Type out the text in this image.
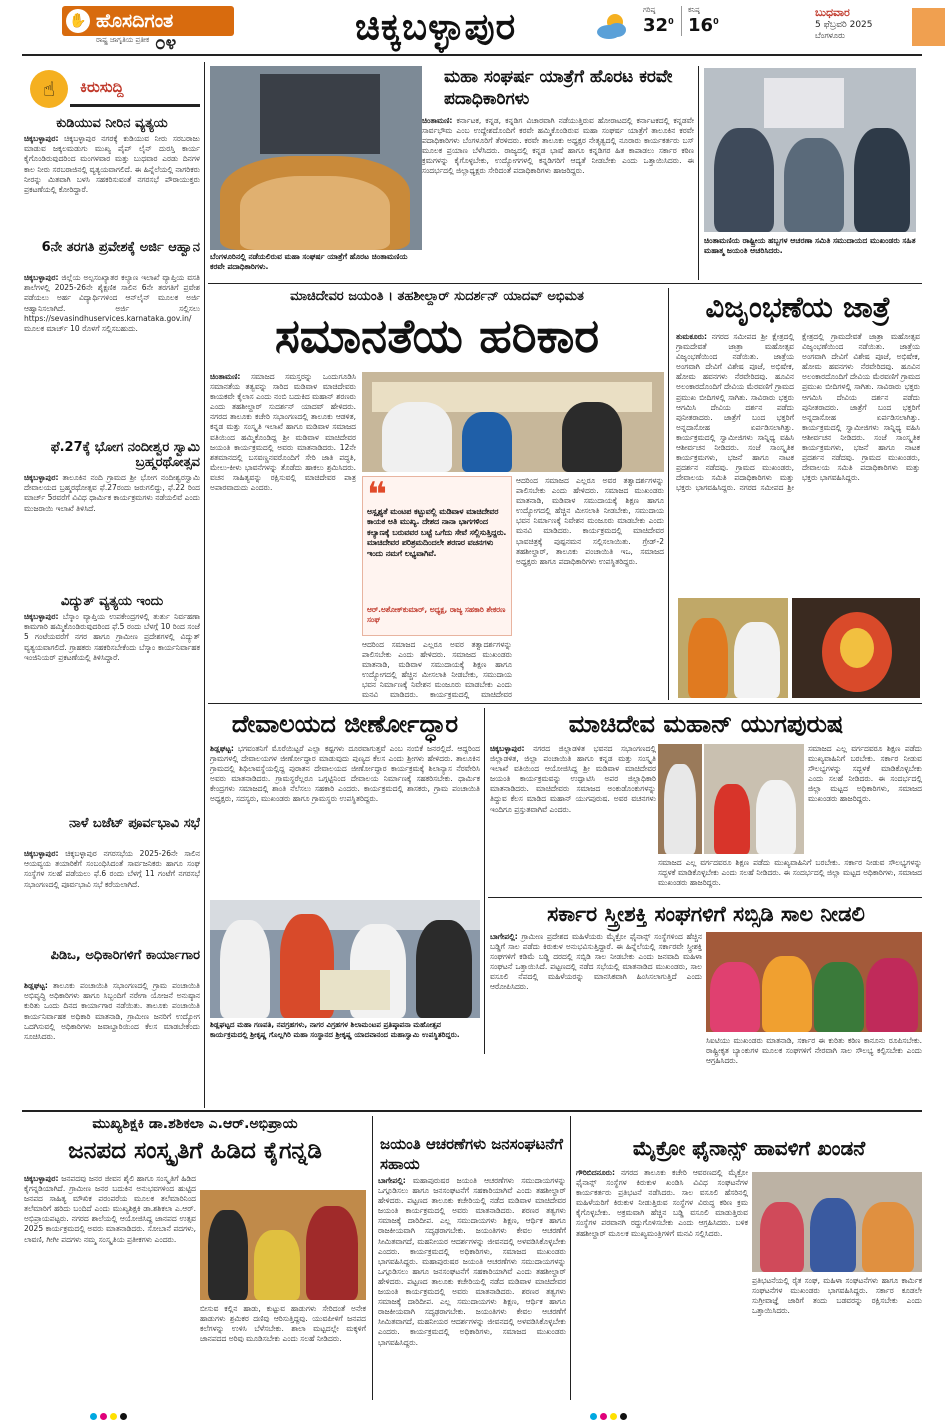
ಹೊಸದಿಗಂತ
✋
ರಾಷ್ಟ್ರ ಜಾಗೃತಿಯ ಪ್ರತೀಕ ೦೪	ಚಿಕ್ಕಬಳ್ಳಾಪುರ	ಗರಿಷ್ಠ
$32^0$
ಕನಿಷ್ಠ
$16^0$
ಬುಧವಾರ
5 ಫೆಬ್ರವರಿ 2025
ಬೆಂಗಳೂರು
☝	ಕಿರುಸುದ್ದಿ
ಕುಡಿಯುವ ನೀರಿನ ವ್ಯತ್ಯಯ
ಚಿಕ್ಕಬಳ್ಳಾಪುರ: ಚಿಕ್ಕಬಳ್ಳಾಪುರ ನಗರಕ್ಕೆ ಕುಡಿಯುವ ನೀರು ಸರಬರಾಜು ಮಾಡುವ ಜಕ್ಕಲಮಡುಗು ಮುಖ್ಯ ಪೈಪ್ ಲೈನ್ ದುರಸ್ತಿ ಕಾರ್ಯ ಕೈಗೊಂಡಿರುವುದರಿಂದ ಮಂಗಳವಾರ ಮತ್ತು ಬುಧವಾರ ಎರಡು ದಿನಗಳ ಕಾಲ ನೀರು ಸರಬರಾಜಿನಲ್ಲಿ ವ್ಯತ್ಯಯವಾಗಲಿದೆ. ಈ ಹಿನ್ನೆಲೆಯಲ್ಲಿ ನಾಗರಿಕರು ನೀರನ್ನು ಮಿತವಾಗಿ ಬಳಸಿ ಸಹಕರಿಸುವಂತೆ ನಗರಸಭೆ ಪೌರಾಯುಕ್ತರು ಪ್ರಕಟಣೆಯಲ್ಲಿ ಕೋರಿದ್ದಾರೆ.
6ನೇ ತರಗತಿ ಪ್ರವೇಶಕ್ಕೆ ಅರ್ಜಿ ಆಹ್ವಾನ
ಚಿಕ್ಕಬಳ್ಳಾಪುರ: ಜಿಲ್ಲೆಯ ಅಲ್ಪಸಂಖ್ಯಾತರ ಕಲ್ಯಾಣ ಇಲಾಖೆ ವ್ಯಾಪ್ತಿಯ ವಸತಿ ಶಾಲೆಗಳಲ್ಲಿ 2025-26ನೇ ಶೈಕ್ಷಣಿಕ ಸಾಲಿನ 6ನೇ ತರಗತಿಗೆ ಪ್ರವೇಶ ಪಡೆಯಲು ಅರ್ಹ ವಿದ್ಯಾರ್ಥಿಗಳಿಂದ ಆನ್‌ಲೈನ್ ಮೂಲಕ ಅರ್ಜಿ ಆಹ್ವಾನಿಸಲಾಗಿದೆ. ಅರ್ಜಿ ಸಲ್ಲಿಸಲು https://sevasindhuservices.karnataka.gov.in/ ಮೂಲಕ ಮಾರ್ಚ್ 10 ರೊಳಗೆ ಸಲ್ಲಿಸಬಹುದು.
ಫೆ.27ಕ್ಕೆ ಭೋಗ ನಂದೀಶ್ವರ ಸ್ವಾಮಿ ಬ್ರಹ್ಮರಥೋತ್ಸವ
ಚಿಕ್ಕಬಳ್ಳಾಪುರ: ತಾಲೂಕಿನ ನಂದಿ ಗ್ರಾಮದ ಶ್ರೀ ಭೋಗ ನಂದೀಶ್ವರಸ್ವಾಮಿ ದೇವಾಲಯದ ಬ್ರಹ್ಮರಥೋತ್ಸವ ಫೆ.27ರಂದು ಜರುಗಲಿದ್ದು, ಫೆ.22 ರಿಂದ ಮಾರ್ಚ್ 5ರವರೆಗೆ ವಿವಿಧ ಧಾರ್ಮಿಕ ಕಾರ್ಯಕ್ರಮಗಳು ನಡೆಯಲಿವೆ ಎಂದು ಮುಜರಾಯಿ ಇಲಾಖೆ ತಿಳಿಸಿದೆ.
ವಿದ್ಯುತ್ ವ್ಯತ್ಯಯ ಇಂದು
ಚಿಕ್ಕಬಳ್ಳಾಪುರ: ಬೆಸ್ಕಾಂ ವ್ಯಾಪ್ತಿಯ ಉಪಕೇಂದ್ರಗಳಲ್ಲಿ ತುರ್ತು ನಿರ್ವಹಣಾ ಕಾಮಗಾರಿ ಹಮ್ಮಿಕೊಂಡಿರುವುದರಿಂದ ಫೆ.5 ರಂದು ಬೆಳಗ್ಗೆ 10 ರಿಂದ ಸಂಜೆ 5 ಗಂಟೆಯವರೆಗೆ ನಗರ ಹಾಗೂ ಗ್ರಾಮೀಣ ಪ್ರದೇಶಗಳಲ್ಲಿ ವಿದ್ಯುತ್ ವ್ಯತ್ಯಯವಾಗಲಿದೆ. ಗ್ರಾಹಕರು ಸಹಕರಿಸಬೇಕೆಂದು ಬೆಸ್ಕಾಂ ಕಾರ್ಯನಿರ್ವಾಹಕ ಇಂಜಿನಿಯರ್ ಪ್ರಕಟಣೆಯಲ್ಲಿ ತಿಳಿಸಿದ್ದಾರೆ.
ನಾಳೆ ಬಜೆಟ್ ಪೂರ್ವಭಾವಿ ಸಭೆ
ಚಿಕ್ಕಬಳ್ಳಾಪುರ: ಚಿಕ್ಕಬಳ್ಳಾಪುರ ನಗರಸಭೆಯ 2025-26ನೇ ಸಾಲಿನ ಆಯವ್ಯಯ ತಯಾರಿಕೆಗೆ ಸಂಬಂಧಿಸಿದಂತೆ ಸಾರ್ವಜನಿಕರು ಹಾಗೂ ಸಂಘ ಸಂಸ್ಥೆಗಳ ಸಲಹೆ ಪಡೆಯಲು ಫೆ.6 ರಂದು ಬೆಳಗ್ಗೆ 11 ಗಂಟೆಗೆ ನಗರಸಭೆ ಸಭಾಂಗಣದಲ್ಲಿ ಪೂರ್ವಭಾವಿ ಸಭೆ ಕರೆಯಲಾಗಿದೆ.
ಪಿಡಿಒ, ಅಧಿಕಾರಿಗಳಿಗೆ ಕಾರ್ಯಾಗಾರ
ಶಿಡ್ಲಘಟ್ಟ: ತಾಲೂಕು ಪಂಚಾಯಿತಿ ಸಭಾಂಗಣದಲ್ಲಿ ಗ್ರಾಮ ಪಂಚಾಯಿತಿ ಅಭಿವೃದ್ಧಿ ಅಧಿಕಾರಿಗಳು ಹಾಗೂ ಸಿಬ್ಬಂದಿಗೆ ನರೇಗಾ ಯೋಜನೆ ಅನುಷ್ಠಾನ ಕುರಿತು ಒಂದು ದಿನದ ಕಾರ್ಯಾಗಾರ ನಡೆಯಿತು. ತಾಲೂಕು ಪಂಚಾಯಿತಿ ಕಾರ್ಯನಿರ್ವಾಹಕ ಅಧಿಕಾರಿ ಮಾತನಾಡಿ, ಗ್ರಾಮೀಣ ಜನರಿಗೆ ಉದ್ಯೋಗ ಒದಗಿಸುವಲ್ಲಿ ಅಧಿಕಾರಿಗಳು ಜವಾಬ್ದಾರಿಯಿಂದ ಕೆಲಸ ಮಾಡಬೇಕೆಂದು ಸೂಚಿಸಿದರು.
ಬೆಂಗಳೂರಿನಲ್ಲಿ ನಡೆಯಲಿರುವ ಮಹಾ ಸಂಘರ್ಷ ಯಾತ್ರೆಗೆ ಹೊರಟ ಚಿಂತಾಮಣಿಯ ಕರವೇ ಪದಾಧಿಕಾರಿಗಳು.
ಮಹಾ ಸಂಘರ್ಷ ಯಾತ್ರೆಗೆ ಹೊರಟ ಕರವೇ ಪದಾಧಿಕಾರಿಗಳು
ಚಿಂತಾಮಣಿ: ಕರ್ನಾಟಕ, ಕನ್ನಡ, ಕನ್ನಡಿಗ ವಿಚಾರವಾಗಿ ನಡೆಯುತ್ತಿರುವ ಹೋರಾಟದಲ್ಲಿ ಕರ್ನಾಟಕದಲ್ಲಿ ಕನ್ನಡವೇ ಸಾರ್ವಭೌಮ ಎಂಬ ಉದ್ದೇಶದೊಂದಿಗೆ ಕರವೇ ಹಮ್ಮಿಕೊಂಡಿರುವ ಮಹಾ ಸಂಘರ್ಷ ಯಾತ್ರೆಗೆ ತಾಲೂಕಿನ ಕರವೇ ಪದಾಧಿಕಾರಿಗಳು ಬೆಂಗಳೂರಿಗೆ ತೆರಳಿದರು. ಕರವೇ ತಾಲೂಕು ಅಧ್ಯಕ್ಷರ ನೇತೃತ್ವದಲ್ಲಿ ನೂರಾರು ಕಾರ್ಯಕರ್ತರು ಬಸ್ ಮೂಲಕ ಪ್ರಯಾಣ ಬೆಳೆಸಿದರು. ರಾಜ್ಯದಲ್ಲಿ ಕನ್ನಡ ಭಾಷೆ ಹಾಗೂ ಕನ್ನಡಿಗರ ಹಿತ ಕಾಪಾಡಲು ಸರ್ಕಾರ ಕಠಿಣ ಕ್ರಮಗಳನ್ನು ಕೈಗೊಳ್ಳಬೇಕು, ಉದ್ಯೋಗಗಳಲ್ಲಿ ಕನ್ನಡಿಗರಿಗೆ ಆದ್ಯತೆ ನೀಡಬೇಕು ಎಂದು ಒತ್ತಾಯಿಸಿದರು. ಈ ಸಂದರ್ಭದಲ್ಲಿ ಜಿಲ್ಲಾಧ್ಯಕ್ಷರು ಸೇರಿದಂತೆ ಪದಾಧಿಕಾರಿಗಳು ಹಾಜರಿದ್ದರು.
ಚಿಂತಾಮಣಿಯ ರಾಷ್ಟ್ರೀಯ ಹಬ್ಬಗಳ ಆಚರಣಾ ಸಮಿತಿ ಸಮುದಾಯದ ಮುಖಂಡರು ಸಹಿತ ಮಹಾತ್ಮ ಜಯಂತಿ ಆಚರಿಸಿದರು.
ಮಾಚಿದೇವರ ಜಯಂತಿ । ತಹಶೀಲ್ದಾರ್ ಸುದರ್ಶನ್ ಯಾದವ್ ಅಭಿಮತ
ಸಮಾನತೆಯ ಹರಿಕಾರ
ಚಿಂತಾಮಣಿ: ಸಮಾಜದ ಸಮಸ್ತರನ್ನು ಒಂದುಗೂಡಿಸಿ ಸಮಾನತೆಯ ತತ್ವವನ್ನು ಸಾರಿದ ಮಡಿವಾಳ ಮಾಚಿದೇವರು ಕಾಯಕವೇ ಕೈಲಾಸ ಎಂದು ನಂಬಿ ಬದುಕಿದ ಮಹಾನ್ ಶರಣರು ಎಂದು ತಹಶೀಲ್ದಾರ್ ಸುದರ್ಶನ್ ಯಾದವ್ ಹೇಳಿದರು. ನಗರದ ತಾಲೂಕು ಕಚೇರಿ ಸಭಾಂಗಣದಲ್ಲಿ ತಾಲೂಕು ಆಡಳಿತ, ಕನ್ನಡ ಮತ್ತು ಸಂಸ್ಕೃತಿ ಇಲಾಖೆ ಹಾಗೂ ಮಡಿವಾಳ ಸಮಾಜದ ವತಿಯಿಂದ ಹಮ್ಮಿಕೊಂಡಿದ್ದ ಶ್ರೀ ಮಡಿವಾಳ ಮಾಚಿದೇವರ ಜಯಂತಿ ಕಾರ್ಯಕ್ರಮದಲ್ಲಿ ಅವರು ಮಾತನಾಡಿದರು. 12ನೇ ಶತಮಾನದಲ್ಲಿ ಬಸವಣ್ಣನವರೊಂದಿಗೆ ಸೇರಿ ಜಾತಿ ಪದ್ಧತಿ, ಮೇಲು-ಕೀಳು ಭಾವನೆಗಳನ್ನು ತೊಡೆದು ಹಾಕಲು ಶ್ರಮಿಸಿದರು. ವಚನ ಸಾಹಿತ್ಯವನ್ನು ರಕ್ಷಿಸುವಲ್ಲಿ ಮಾಚಿದೇವರ ಪಾತ್ರ ಅಪಾರವಾದುದು ಎಂದರು.	❝
ಅಸ್ಪೃಶ್ಯತೆ ಮಂಟಪ ಕಟ್ಟುವಲ್ಲಿ ಮಡಿವಾಳ ಮಾಚಿದೇವರ ಕಾಯಕ ಅತಿ ಮುಖ್ಯ. ದೇಶದ ನಾನಾ ಭಾಗಗಳಿಂದ ಕಲ್ಯಾಣಕ್ಕೆ ಬರುವವರ ಬಟ್ಟೆ ಒಗೆದು ಸೇವೆ ಸಲ್ಲಿಸುತ್ತಿದ್ದರು. ಮಾಚಿದೇವರ ಪರಿಶ್ರಮದಿಂದಲೇ ಶರಣರ ವಚನಗಳು ಇಂದು ನಮಗೆ ಲಭ್ಯವಾಗಿವೆ.
ಆರ್.ಅಶೋಕ್‌ಕುಮಾರ್, ಅಧ್ಯಕ್ಷ, ರಾಜ್ಯ ಸಹಕಾರಿ ಶೇಕರಣ ಸಂಘ
ಆದರಿಂದ ಸಮಾಜದ ಎಲ್ಲರೂ ಅವರ ತತ್ವಾದರ್ಶಗಳನ್ನು ಪಾಲಿಸಬೇಕು ಎಂದು ಹೇಳಿದರು. ಸಮಾಜದ ಮುಖಂಡರು ಮಾತನಾಡಿ, ಮಡಿವಾಳ ಸಮುದಾಯಕ್ಕೆ ಶಿಕ್ಷಣ ಹಾಗೂ ಉದ್ಯೋಗದಲ್ಲಿ ಹೆಚ್ಚಿನ ಮೀಸಲಾತಿ ನೀಡಬೇಕು, ಸಮುದಾಯ ಭವನ ನಿರ್ಮಾಣಕ್ಕೆ ನಿವೇಶನ ಮಂಜೂರು ಮಾಡಬೇಕು ಎಂದು ಮನವಿ ಮಾಡಿದರು. ಕಾರ್ಯಕ್ರಮದಲ್ಲಿ ಮಾಚಿದೇವರ ಭಾವಚಿತ್ರಕ್ಕೆ ಪುಷ್ಪನಮನ ಸಲ್ಲಿಸಲಾಯಿತು. ಗ್ರೇಡ್-2 ತಹಶೀಲ್ದಾರ್, ತಾಲೂಕು ಪಂಚಾಯಿತಿ ಇಒ, ಸಮಾಜದ ಅಧ್ಯಕ್ಷರು ಹಾಗೂ ಪದಾಧಿಕಾರಿಗಳು ಉಪಸ್ಥಿತರಿದ್ದರು.
ಆದರಿಂದ ಸಮಾಜದ ಎಲ್ಲರೂ ಅವರ ತತ್ವಾದರ್ಶಗಳನ್ನು ಪಾಲಿಸಬೇಕು ಎಂದು ಹೇಳಿದರು. ಸಮಾಜದ ಮುಖಂಡರು ಮಾತನಾಡಿ, ಮಡಿವಾಳ ಸಮುದಾಯಕ್ಕೆ ಶಿಕ್ಷಣ ಹಾಗೂ ಉದ್ಯೋಗದಲ್ಲಿ ಹೆಚ್ಚಿನ ಮೀಸಲಾತಿ ನೀಡಬೇಕು, ಸಮುದಾಯ ಭವನ ನಿರ್ಮಾಣಕ್ಕೆ ನಿವೇಶನ ಮಂಜೂರು ಮಾಡಬೇಕು ಎಂದು ಮನವಿ ಮಾಡಿದರು. ಕಾರ್ಯಕ್ರಮದಲ್ಲಿ ಮಾಚಿದೇವರ
ವಿಜೃಂಭಣೆಯ ಜಾತ್ರೆ
ತುಮಕೂರು: ನಗರದ ಸಮೀಪದ ಶ್ರೀ ಕ್ಷೇತ್ರದಲ್ಲಿ ಗ್ರಾಮದೇವತೆ ಜಾತ್ರಾ ಮಹೋತ್ಸವ ವಿಜೃಂಭಣೆಯಿಂದ ನಡೆಯಿತು. ಜಾತ್ರೆಯ ಅಂಗವಾಗಿ ದೇವಿಗೆ ವಿಶೇಷ ಪೂಜೆ, ಅಭಿಷೇಕ, ಹೋಮ ಹವನಗಳು ನೆರವೇರಿದವು. ಹೂವಿನ ಅಲಂಕಾರದೊಂದಿಗೆ ದೇವಿಯ ಮೆರವಣಿಗೆ ಗ್ರಾಮದ ಪ್ರಮುಖ ಬೀದಿಗಳಲ್ಲಿ ಸಾಗಿತು. ಸಾವಿರಾರು ಭಕ್ತರು ಆಗಮಿಸಿ ದೇವಿಯ ದರ್ಶನ ಪಡೆದು ಪುನೀತರಾದರು. ಜಾತ್ರೆಗೆ ಬಂದ ಭಕ್ತರಿಗೆ ಅನ್ನದಾಸೋಹ ಏರ್ಪಡಿಸಲಾಗಿತ್ತು. ಕಾರ್ಯಕ್ರಮದಲ್ಲಿ ಸ್ವಾಮೀಜಿಗಳು ಸಾನ್ನಿಧ್ಯ ವಹಿಸಿ ಆಶೀರ್ವಚನ ನೀಡಿದರು. ಸಂಜೆ ಸಾಂಸ್ಕೃತಿಕ ಕಾರ್ಯಕ್ರಮಗಳು, ಭಜನೆ ಹಾಗೂ ನಾಟಕ ಪ್ರದರ್ಶನ ನಡೆದವು. ಗ್ರಾಮದ ಮುಖಂಡರು, ದೇವಾಲಯ ಸಮಿತಿ ಪದಾಧಿಕಾರಿಗಳು ಮತ್ತು ಭಕ್ತರು ಭಾಗವಹಿಸಿದ್ದರು. ನಗರದ ಸಮೀಪದ ಶ್ರೀ ಕ್ಷೇತ್ರದಲ್ಲಿ ಗ್ರಾಮದೇವತೆ ಜಾತ್ರಾ ಮಹೋತ್ಸವ ವಿಜೃಂಭಣೆಯಿಂದ ನಡೆಯಿತು. ಜಾತ್ರೆಯ ಅಂಗವಾಗಿ ದೇವಿಗೆ ವಿಶೇಷ ಪೂಜೆ, ಅಭಿಷೇಕ, ಹೋಮ ಹವನಗಳು ನೆರವೇರಿದವು. ಹೂವಿನ ಅಲಂಕಾರದೊಂದಿಗೆ ದೇವಿಯ ಮೆರವಣಿಗೆ ಗ್ರಾಮದ ಪ್ರಮುಖ ಬೀದಿಗಳಲ್ಲಿ ಸಾಗಿತು. ಸಾವಿರಾರು ಭಕ್ತರು ಆಗಮಿಸಿ ದೇವಿಯ ದರ್ಶನ ಪಡೆದು ಪುನೀತರಾದರು. ಜಾತ್ರೆಗೆ ಬಂದ ಭಕ್ತರಿಗೆ ಅನ್ನದಾಸೋಹ ಏರ್ಪಡಿಸಲಾಗಿತ್ತು. ಕಾರ್ಯಕ್ರಮದಲ್ಲಿ ಸ್ವಾಮೀಜಿಗಳು ಸಾನ್ನಿಧ್ಯ ವಹಿಸಿ ಆಶೀರ್ವಚನ ನೀಡಿದರು. ಸಂಜೆ ಸಾಂಸ್ಕೃತಿಕ ಕಾರ್ಯಕ್ರಮಗಳು, ಭಜನೆ ಹಾಗೂ ನಾಟಕ ಪ್ರದರ್ಶನ ನಡೆದವು. ಗ್ರಾಮದ ಮುಖಂಡರು, ದೇವಾಲಯ ಸಮಿತಿ ಪದಾಧಿಕಾರಿಗಳು ಮತ್ತು ಭಕ್ತರು ಭಾಗವಹಿಸಿದ್ದರು.
ದೇವಾಲಯದ ಜೀರ್ಣೋದ್ಧಾರ
ಶಿಡ್ಲಘಟ್ಟ: ಭಗವಂತನಿಗೆ ಮೊರೆಯಿಟ್ಟರೆ ಎಲ್ಲಾ ಕಷ್ಟಗಳು ದೂರವಾಗುತ್ತವೆ ಎಂಬ ನಂಬಿಕೆ ಜನರಲ್ಲಿದೆ. ಆದ್ದರಿಂದ ಗ್ರಾಮಗಳಲ್ಲಿ ದೇವಾಲಯಗಳ ಜೀರ್ಣೋದ್ಧಾರ ಮಾಡುವುದು ಪುಣ್ಯದ ಕೆಲಸ ಎಂದು ಶ್ರೀಗಳು ಹೇಳಿದರು. ತಾಲೂಕಿನ ಗ್ರಾಮದಲ್ಲಿ ಶಿಥಿಲಾವಸ್ಥೆಯಲ್ಲಿದ್ದ ಪುರಾತನ ದೇವಾಲಯದ ಜೀರ್ಣೋದ್ಧಾರ ಕಾರ್ಯಕ್ರಮಕ್ಕೆ ಶಿಲಾನ್ಯಾಸ ನೆರವೇರಿಸಿ ಅವರು ಮಾತನಾಡಿದರು. ಗ್ರಾಮಸ್ಥರೆಲ್ಲರೂ ಒಗ್ಗಟ್ಟಿನಿಂದ ದೇವಾಲಯ ನಿರ್ಮಾಣಕ್ಕೆ ಸಹಕರಿಸಬೇಕು. ಧಾರ್ಮಿಕ ಕೇಂದ್ರಗಳು ಸಮಾಜದಲ್ಲಿ ಶಾಂತಿ ನೆಲೆಸಲು ಸಹಕಾರಿ ಎಂದರು. ಕಾರ್ಯಕ್ರಮದಲ್ಲಿ ಶಾಸಕರು, ಗ್ರಾಮ ಪಂಚಾಯಿತಿ ಅಧ್ಯಕ್ಷರು, ಸದಸ್ಯರು, ಮುಖಂಡರು ಹಾಗೂ ಗ್ರಾಮಸ್ಥರು ಉಪಸ್ಥಿತರಿದ್ದರು.
ಶಿಡ್ಲಘಟ್ಟದ ಮಹಾ ಗಣಪತಿ, ನವಗ್ರಹಗಳು, ನಾಗರ ವಿಗ್ರಹಗಳ ಶಿಲಾಮಂಟಪ ಪ್ರತಿಷ್ಠಾಪನಾ ಮಹೋತ್ಸವ ಕಾರ್ಯಕ್ರಮದಲ್ಲಿ ಶ್ರೀಕೃಷ್ಣ ಗೊಲ್ಲಗಿರಿ ಮಹಾ ಸಂಸ್ಥಾನದ ಶ್ರೀಕೃಷ್ಣ ಯಾದವಾನಂದ ಮಹಾಸ್ವಾಮಿ ಉಪಸ್ಥಿತರಿದ್ದರು.
ಮಾಚಿದೇವ ಮಹಾನ್ ಯುಗಪುರುಷ
ಚಿಕ್ಕಬಳ್ಳಾಪುರ: ನಗರದ ಜಿಲ್ಲಾಡಳಿತ ಭವನದ ಸಭಾಂಗಣದಲ್ಲಿ ಜಿಲ್ಲಾಡಳಿತ, ಜಿಲ್ಲಾ ಪಂಚಾಯಿತಿ ಹಾಗೂ ಕನ್ನಡ ಮತ್ತು ಸಂಸ್ಕೃತಿ ಇಲಾಖೆ ವತಿಯಿಂದ ಆಯೋಜಿಸಿದ್ದ ಶ್ರೀ ಮಡಿವಾಳ ಮಾಚಿದೇವರ ಜಯಂತಿ ಕಾರ್ಯಕ್ರಮವನ್ನು ಉದ್ಘಾಟಿಸಿ ಅಪರ ಜಿಲ್ಲಾಧಿಕಾರಿ ಮಾತನಾಡಿದರು. ಮಾಚಿದೇವರು ಸಮಾಜದ ಅಂಕುಡೊಂಕುಗಳನ್ನು ತಿದ್ದುವ ಕೆಲಸ ಮಾಡಿದ ಮಹಾನ್ ಯುಗಪುರುಷ. ಅವರ ವಚನಗಳು ಇಂದಿಗೂ ಪ್ರಸ್ತುತವಾಗಿವೆ ಎಂದರು.
ಸಮಾಜದ ಎಲ್ಲ ವರ್ಗದವರೂ ಶಿಕ್ಷಣ ಪಡೆದು ಮುಖ್ಯವಾಹಿನಿಗೆ ಬರಬೇಕು. ಸರ್ಕಾರ ನೀಡುವ ಸೌಲಭ್ಯಗಳನ್ನು ಸದ್ಬಳಕೆ ಮಾಡಿಕೊಳ್ಳಬೇಕು ಎಂದು ಸಲಹೆ ನೀಡಿದರು. ಈ ಸಂದರ್ಭದಲ್ಲಿ ಜಿಲ್ಲಾ ಮಟ್ಟದ ಅಧಿಕಾರಿಗಳು, ಸಮಾಜದ ಮುಖಂಡರು ಹಾಜರಿದ್ದರು.
ಸಮಾಜದ ಎಲ್ಲ ವರ್ಗದವರೂ ಶಿಕ್ಷಣ ಪಡೆದು ಮುಖ್ಯವಾಹಿನಿಗೆ ಬರಬೇಕು. ಸರ್ಕಾರ ನೀಡುವ ಸೌಲಭ್ಯಗಳನ್ನು ಸದ್ಬಳಕೆ ಮಾಡಿಕೊಳ್ಳಬೇಕು ಎಂದು ಸಲಹೆ ನೀಡಿದರು. ಈ ಸಂದರ್ಭದಲ್ಲಿ ಜಿಲ್ಲಾ ಮಟ್ಟದ ಅಧಿಕಾರಿಗಳು, ಸಮಾಜದ ಮುಖಂಡರು ಹಾಜರಿದ್ದರು.
ಸರ್ಕಾರ ಸ್ತ್ರೀಶಕ್ತಿ ಸಂಘಗಳಿಗೆ ಸಬ್ಸಿಡಿ ಸಾಲ ನೀಡಲಿ
ಬಾಗೇಪಲ್ಲಿ: ಗ್ರಾಮೀಣ ಪ್ರದೇಶದ ಮಹಿಳೆಯರು ಮೈಕ್ರೋ ಫೈನಾನ್ಸ್ ಸಂಸ್ಥೆಗಳಿಂದ ಹೆಚ್ಚಿನ ಬಡ್ಡಿಗೆ ಸಾಲ ಪಡೆದು ಕಿರುಕುಳ ಅನುಭವಿಸುತ್ತಿದ್ದಾರೆ. ಈ ಹಿನ್ನೆಲೆಯಲ್ಲಿ ಸರ್ಕಾರವೇ ಸ್ತ್ರೀಶಕ್ತಿ ಸಂಘಗಳಿಗೆ ಕಡಿಮೆ ಬಡ್ಡಿ ದರದಲ್ಲಿ ಸಬ್ಸಿಡಿ ಸಾಲ ನೀಡಬೇಕು ಎಂದು ಜನವಾದಿ ಮಹಿಳಾ ಸಂಘಟನೆ ಒತ್ತಾಯಿಸಿದೆ. ಪಟ್ಟಣದಲ್ಲಿ ನಡೆದ ಸಭೆಯಲ್ಲಿ ಮಾತನಾಡಿದ ಮುಖಂಡರು, ಸಾಲ ವಸೂಲಿ ನೆಪದಲ್ಲಿ ಮಹಿಳೆಯರನ್ನು ಮಾನಸಿಕವಾಗಿ ಹಿಂಸಿಸಲಾಗುತ್ತಿದೆ ಎಂದು ಆರೋಪಿಸಿದರು.
ಸಿಐಟಿಯು ಮುಖಂಡರು ಮಾತನಾಡಿ, ಸರ್ಕಾರ ಈ ಕುರಿತು ಕಠಿಣ ಕಾನೂನು ರೂಪಿಸಬೇಕು. ರಾಷ್ಟ್ರೀಕೃತ ಬ್ಯಾಂಕುಗಳ ಮೂಲಕ ಸಂಘಗಳಿಗೆ ನೇರವಾಗಿ ಸಾಲ ಸೌಲಭ್ಯ ಕಲ್ಪಿಸಬೇಕು ಎಂದು ಆಗ್ರಹಿಸಿದರು.
ಮುಖ್ಯಶಿಕ್ಷಕಿ ಡಾ.ಶಶಿಕಲಾ ಎ.ಆರ್.ಅಭಿಪ್ರಾಯ
ಜನಪದ ಸಂಸ್ಕೃತಿಗೆ ಹಿಡಿದ ಕೈಗನ್ನಡಿ
ಚಿಕ್ಕಬಳ್ಳಾಪುರ: ಜನಪದವು ಜನರ ಜೀವನ ಶೈಲಿ ಹಾಗೂ ಸಂಸ್ಕೃತಿಗೆ ಹಿಡಿದ ಕೈಗನ್ನಡಿಯಾಗಿದೆ. ಗ್ರಾಮೀಣ ಜನರ ಬದುಕಿನ ಅನುಭವಗಳಿಂದ ಹುಟ್ಟಿದ ಜನಪದ ಸಾಹಿತ್ಯ ಮೌಖಿಕ ಪರಂಪರೆಯ ಮೂಲಕ ತಲೆಮಾರಿನಿಂದ ತಲೆಮಾರಿಗೆ ಹರಿದು ಬಂದಿದೆ ಎಂದು ಮುಖ್ಯಶಿಕ್ಷಕಿ ಡಾ.ಶಶಿಕಲಾ ಎ.ಆರ್. ಅಭಿಪ್ರಾಯಪಟ್ಟರು. ನಗರದ ಶಾಲೆಯಲ್ಲಿ ಆಯೋಜಿಸಿದ್ದ ಜಾನಪದ ಉತ್ಸವ 2025 ಕಾರ್ಯಕ್ರಮದಲ್ಲಿ ಅವರು ಮಾತನಾಡಿದರು. ಸೋಬಾನೆ ಪದಗಳು, ಲಾವಣಿ, ಗೀಗೀ ಪದಗಳು ನಮ್ಮ ಸಂಸ್ಕೃತಿಯ ಪ್ರತೀಕಗಳು ಎಂದರು.
ಬೀಸುವ ಕಲ್ಲಿನ ಹಾಡು, ಕುಟ್ಟುವ ಹಾಡುಗಳು ಸೇರಿದಂತೆ ಅನೇಕ ಹಾಡುಗಳು ಶ್ರಮಿಕರ ದಣಿವು ಆರಿಸುತ್ತಿದ್ದವು. ಯುವಪೀಳಿಗೆ ಜನಪದ ಕಲೆಗಳನ್ನು ಉಳಿಸಿ ಬೆಳೆಸಬೇಕು. ಶಾಲಾ ಮಟ್ಟದಲ್ಲೇ ಮಕ್ಕಳಿಗೆ ಜಾನಪದದ ಅರಿವು ಮೂಡಿಸಬೇಕು ಎಂದು ಸಲಹೆ ನೀಡಿದರು.
ಜಯಂತಿ ಆಚರಣೆಗಳು ಜನಸಂಘಟನೆಗೆ ಸಹಾಯ
ಬಾಗೇಪಲ್ಲಿ: ಮಹಾಪುರುಷರ ಜಯಂತಿ ಆಚರಣೆಗಳು ಸಮುದಾಯಗಳನ್ನು ಒಗ್ಗೂಡಿಸಲು ಹಾಗೂ ಜನಸಂಘಟನೆಗೆ ಸಹಕಾರಿಯಾಗಿವೆ ಎಂದು ತಹಶೀಲ್ದಾರ್ ಹೇಳಿದರು. ಪಟ್ಟಣದ ತಾಲೂಕು ಕಚೇರಿಯಲ್ಲಿ ನಡೆದ ಮಡಿವಾಳ ಮಾಚಿದೇವರ ಜಯಂತಿ ಕಾರ್ಯಕ್ರಮದಲ್ಲಿ ಅವರು ಮಾತನಾಡಿದರು. ಶರಣರ ತತ್ವಗಳು ಸಮಾಜಕ್ಕೆ ದಾರಿದೀಪ. ಎಲ್ಲ ಸಮುದಾಯಗಳು ಶಿಕ್ಷಣ, ಆರ್ಥಿಕ ಹಾಗೂ ರಾಜಕೀಯವಾಗಿ ಸದೃಢರಾಗಬೇಕು. ಜಯಂತಿಗಳು ಕೇವಲ ಆಚರಣೆಗೆ ಸೀಮಿತವಾಗದೆ, ಮಹನೀಯರ ಆದರ್ಶಗಳನ್ನು ಜೀವನದಲ್ಲಿ ಅಳವಡಿಸಿಕೊಳ್ಳಬೇಕು ಎಂದರು. ಕಾರ್ಯಕ್ರಮದಲ್ಲಿ ಅಧಿಕಾರಿಗಳು, ಸಮಾಜದ ಮುಖಂಡರು ಭಾಗವಹಿಸಿದ್ದರು. ಮಹಾಪುರುಷರ ಜಯಂತಿ ಆಚರಣೆಗಳು ಸಮುದಾಯಗಳನ್ನು ಒಗ್ಗೂಡಿಸಲು ಹಾಗೂ ಜನಸಂಘಟನೆಗೆ ಸಹಕಾರಿಯಾಗಿವೆ ಎಂದು ತಹಶೀಲ್ದಾರ್ ಹೇಳಿದರು. ಪಟ್ಟಣದ ತಾಲೂಕು ಕಚೇರಿಯಲ್ಲಿ ನಡೆದ ಮಡಿವಾಳ ಮಾಚಿದೇವರ ಜಯಂತಿ ಕಾರ್ಯಕ್ರಮದಲ್ಲಿ ಅವರು ಮಾತನಾಡಿದರು. ಶರಣರ ತತ್ವಗಳು ಸಮಾಜಕ್ಕೆ ದಾರಿದೀಪ. ಎಲ್ಲ ಸಮುದಾಯಗಳು ಶಿಕ್ಷಣ, ಆರ್ಥಿಕ ಹಾಗೂ ರಾಜಕೀಯವಾಗಿ ಸದೃಢರಾಗಬೇಕು. ಜಯಂತಿಗಳು ಕೇವಲ ಆಚರಣೆಗೆ ಸೀಮಿತವಾಗದೆ, ಮಹನೀಯರ ಆದರ್ಶಗಳನ್ನು ಜೀವನದಲ್ಲಿ ಅಳವಡಿಸಿಕೊಳ್ಳಬೇಕು ಎಂದರು. ಕಾರ್ಯಕ್ರಮದಲ್ಲಿ ಅಧಿಕಾರಿಗಳು, ಸಮಾಜದ ಮುಖಂಡರು ಭಾಗವಹಿಸಿದ್ದರು.
ಮೈಕ್ರೋ ಫೈನಾನ್ಸ್ ಹಾವಳಿಗೆ ಖಂಡನೆ
ಗೌರಿಬಿದನೂರು: ನಗರದ ತಾಲೂಕು ಕಚೇರಿ ಆವರಣದಲ್ಲಿ ಮೈಕ್ರೋ ಫೈನಾನ್ಸ್ ಸಂಸ್ಥೆಗಳ ಕಿರುಕುಳ ಖಂಡಿಸಿ ವಿವಿಧ ಸಂಘಟನೆಗಳ ಕಾರ್ಯಕರ್ತರು ಪ್ರತಿಭಟನೆ ನಡೆಸಿದರು. ಸಾಲ ವಸೂಲಿ ಹೆಸರಿನಲ್ಲಿ ಮಹಿಳೆಯರಿಗೆ ಕಿರುಕುಳ ನೀಡುತ್ತಿರುವ ಸಂಸ್ಥೆಗಳ ವಿರುದ್ಧ ಕಠಿಣ ಕ್ರಮ ಕೈಗೊಳ್ಳಬೇಕು. ಅಕ್ರಮವಾಗಿ ಹೆಚ್ಚಿನ ಬಡ್ಡಿ ವಸೂಲಿ ಮಾಡುತ್ತಿರುವ ಸಂಸ್ಥೆಗಳ ಪರವಾನಗಿ ರದ್ದುಗೊಳಿಸಬೇಕು ಎಂದು ಆಗ್ರಹಿಸಿದರು. ಬಳಿಕ ತಹಶೀಲ್ದಾರ್ ಮೂಲಕ ಮುಖ್ಯಮಂತ್ರಿಗಳಿಗೆ ಮನವಿ ಸಲ್ಲಿಸಿದರು.
ಪ್ರತಿಭಟನೆಯಲ್ಲಿ ರೈತ ಸಂಘ, ಮಹಿಳಾ ಸಂಘಟನೆಗಳು ಹಾಗೂ ಕಾರ್ಮಿಕ ಸಂಘಟನೆಗಳ ಮುಖಂಡರು ಭಾಗವಹಿಸಿದ್ದರು. ಸರ್ಕಾರ ಕೂಡಲೇ ಸುಗ್ರೀವಾಜ್ಞೆ ಜಾರಿಗೆ ತಂದು ಬಡವರನ್ನು ರಕ್ಷಿಸಬೇಕು ಎಂದು ಒತ್ತಾಯಿಸಿದರು.
